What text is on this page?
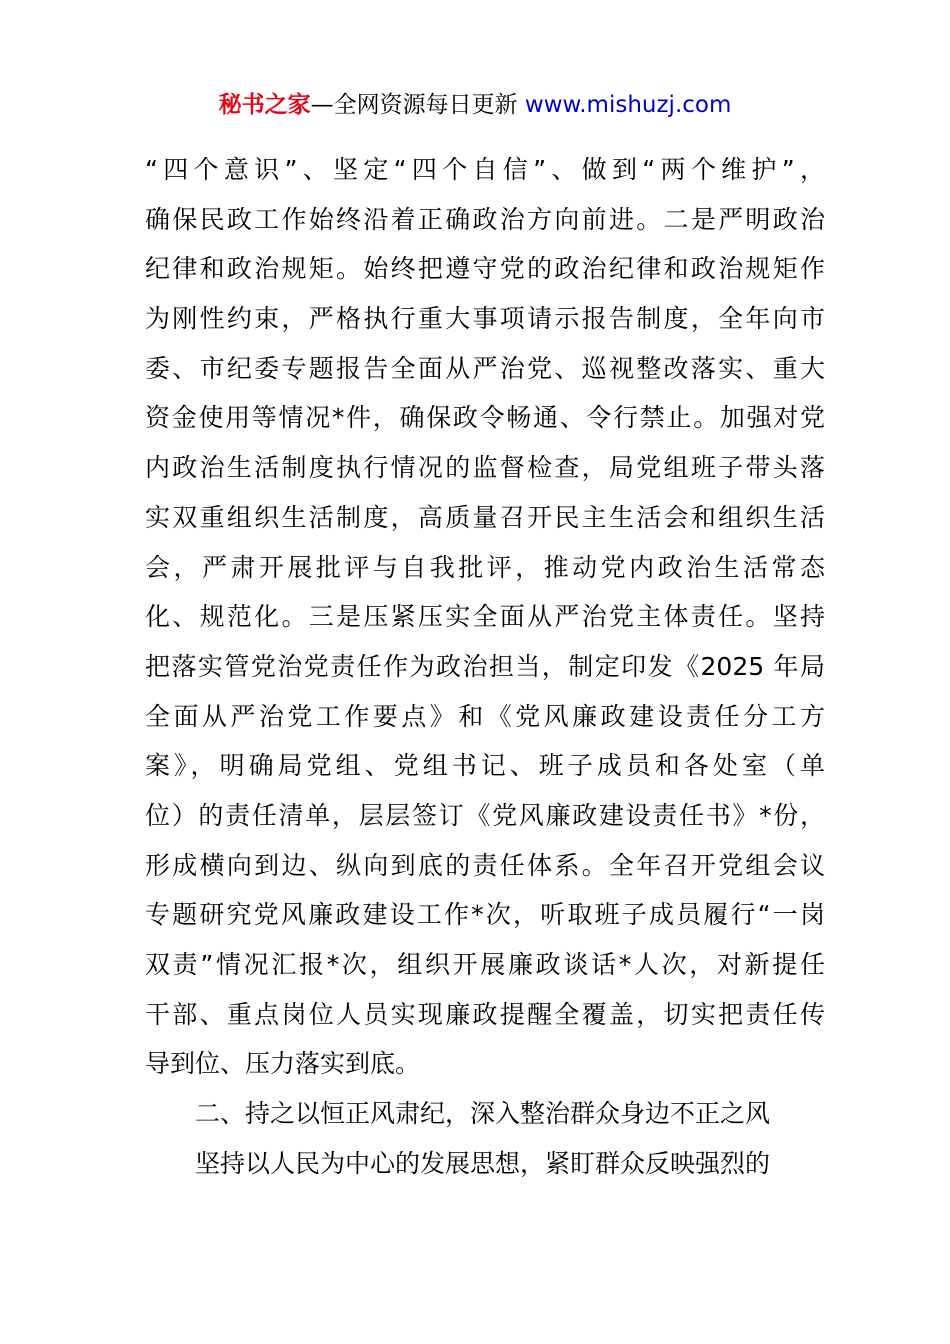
秘书之家—全网资源每日更新 www.mishuzj.com
“四个意识”、坚定“四个自信”、做到“两个维护”，
确保民政工作始终沿着正确政治方向前进。二是严明政治
纪律和政治规矩。始终把遵守党的政治纪律和政治规矩作
为刚性约束，严格执行重大事项请示报告制度，全年向市
委、市纪委专题报告全面从严治党、巡视整改落实、重大
资金使用等情况*件，确保政令畅通、令行禁止。加强对党
内政治生活制度执行情况的监督检查，局党组班子带头落
实双重组织生活制度，高质量召开民主生活会和组织生活
会，严肃开展批评与自我批评，推动党内政治生活常态
化、规范化。三是压紧压实全面从严治党主体责任。坚持
把落实管党治党责任作为政治担当，制定印发《2025 年局
全面从严治党工作要点》和《党风廉政建设责任分工方
案》，明确局党组、党组书记、班子成员和各处室（单
位）的责任清单，层层签订《党风廉政建设责任书》*份，
形成横向到边、纵向到底的责任体系。全年召开党组会议
专题研究党风廉政建设工作*次，听取班子成员履行“一岗
双责”情况汇报*次，组织开展廉政谈话*人次，对新提任
干部、重点岗位人员实现廉政提醒全覆盖，切实把责任传
导到位、压力落实到底。
二、持之以恒正风肃纪，深入整治群众身边不正之风
坚持以人民为中心的发展思想，紧盯群众反映强烈的
